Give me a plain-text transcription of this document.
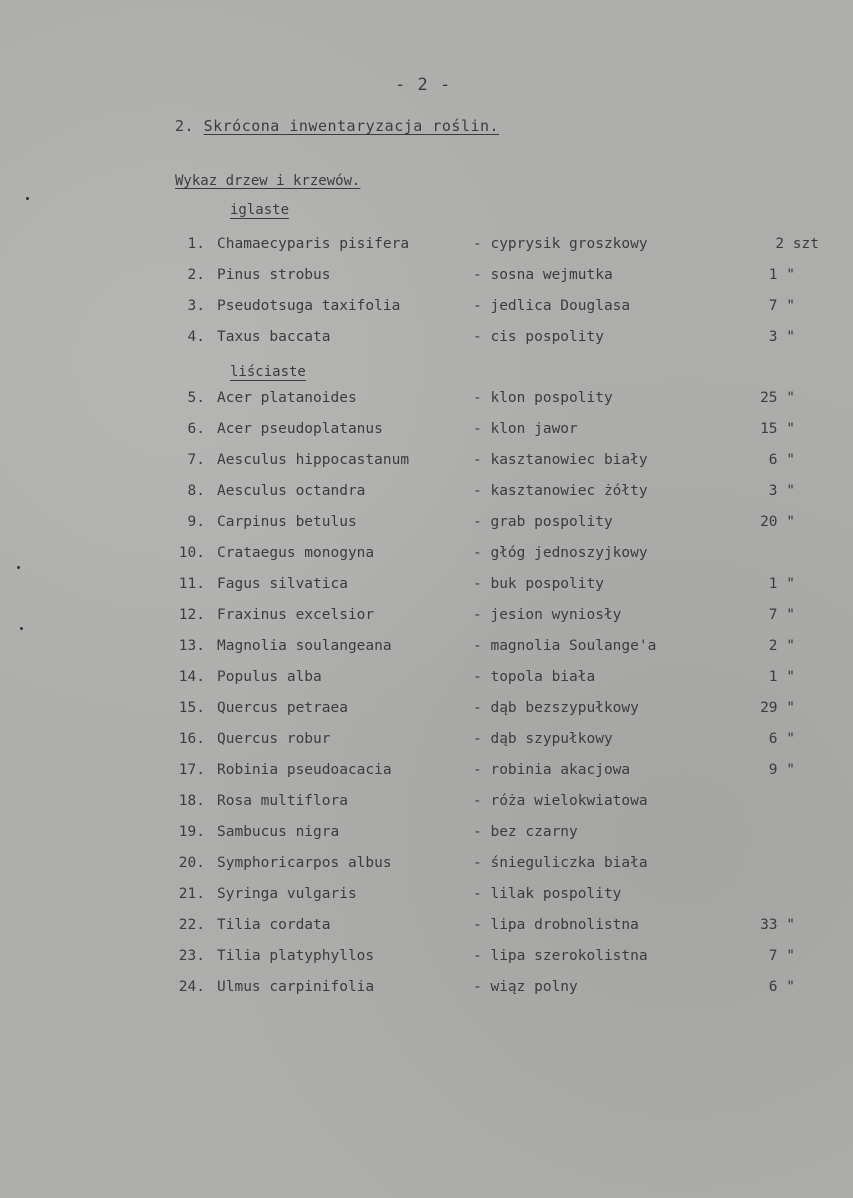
- 2 -
2. Skrócona inwentaryzacja roślin.
Wykaz drzew i krzewów.
iglaste
liściaste
1. Chamaecyparis pisifera	- cyprysik groszkowy	2 szt
2. Pinus strobus	- sosna wejmutka	1 "
3. Pseudotsuga taxifolia	- jedlica Douglasa	7 "
4. Taxus baccata	- cis pospolity	3 "
5. Acer platanoides	- klon pospolity	25 "
6. Acer pseudoplatanus	- klon jawor	15 "
7. Aesculus hippocastanum	- kasztanowiec biały	6 "
8. Aesculus octandra	- kasztanowiec żółty	3 "
9. Carpinus betulus	- grab pospolity	20 "
10. Crataegus monogyna	- głóg jednoszyjkowy
11. Fagus silvatica	- buk pospolity	1 "
12. Fraxinus excelsior	- jesion wyniosły	7 "
13. Magnolia soulangeana	- magnolia Soulange'a	2 "
14. Populus alba	- topola biała	1 "
15. Quercus petraea	- dąb bezszypułkowy	29 "
16. Quercus robur	- dąb szypułkowy	6 "
17. Robinia pseudoacacia	- robinia akacjowa	9 "
18. Rosa multiflora	- róża wielokwiatowa
19. Sambucus nigra	- bez czarny
20. Symphoricarpos albus	- śnieguliczka biała
21. Syringa vulgaris	- lilak pospolity
22. Tilia cordata	- lipa drobnolistna	33 "
23. Tilia platyphyllos	- lipa szerokolistna	7 "
24. Ulmus carpinifolia	- wiąz polny	6 "
